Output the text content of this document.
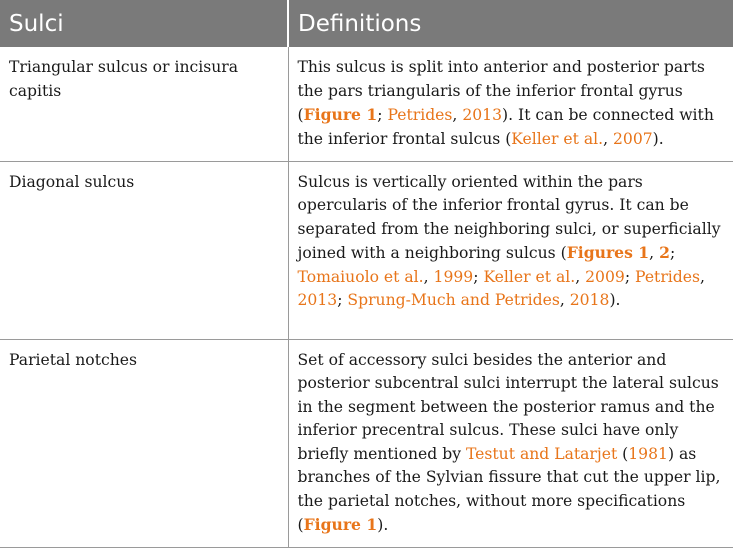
Sulci	Definitions
Triangular sulcus or incisura capitis	This sulcus is split into anterior and posterior parts the pars triangularis of the inferior frontal gyrus (Figure 1; Petrides, 2013). It can be connected with the inferior frontal sulcus (Keller et al., 2007).
Diagonal sulcus	Sulcus is vertically oriented within the pars opercularis of the inferior frontal gyrus. It can be separated from the neighboring sulci, or superficially joined with a neighboring sulcus (Figures 1, 2; Tomaiuolo et al., 1999; Keller et al., 2009; Petrides, 2013; Sprung-Much and Petrides, 2018).
Parietal notches	Set of accessory sulci besides the anterior and posterior subcentral sulci interrupt the lateral sulcus in the segment between the posterior ramus and the inferior precentral sulcus. These sulci have only briefly mentioned by Testut and Latarjet (1981) as branches of the Sylvian fissure that cut the upper lip, the parietal notches, without more specifications (Figure 1).
